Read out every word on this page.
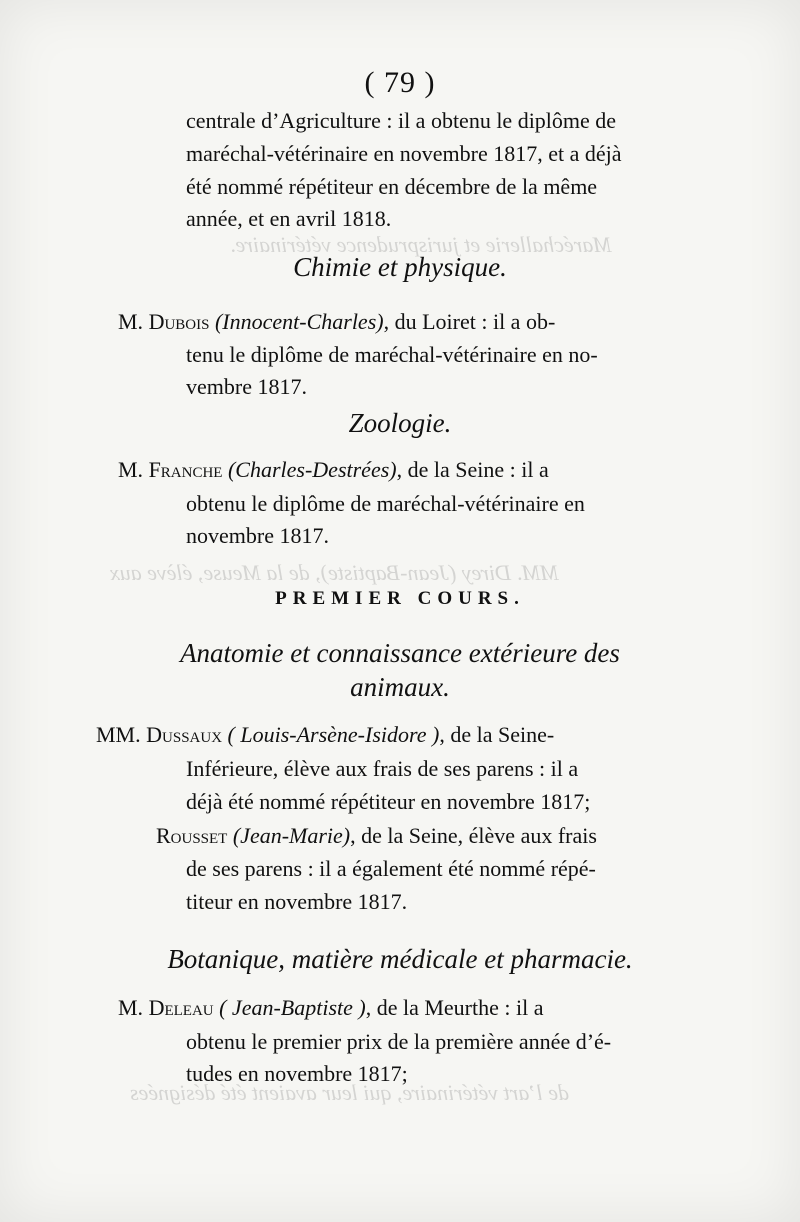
Maréchallerie et jurisprudence vétérinaire.
MM. Direy (Jean-Baptiste), de la Meuse, élève aux
de l’art vétérinaire, qui leur avaient été désignées
( 79 )
centrale d’Agriculture : il a obtenu le diplôme de
maréchal-vétérinaire en novembre 1817, et a déjà
été nommé répétiteur en décembre de la même
année, et en avril 1818.
Chimie et physique.
M. Dubois (Innocent-Charles), du Loiret : il a ob-
tenu le diplôme de maréchal-vétérinaire en no-
vembre 1817.
Zoologie.
M. Franche (Charles-Destrées), de la Seine : il a
obtenu le diplôme de maréchal-vétérinaire en
novembre 1817.
PREMIER COURS.
Anatomie et connaissance extérieure des
animaux.
MM. Dussaux ( Louis-Arsène-Isidore ), de la Seine-
Inférieure, élève aux frais de ses parens : il a
déjà été nommé répétiteur en novembre 1817;
Rousset (Jean-Marie), de la Seine, élève aux frais
de ses parens : il a également été nommé répé-
titeur en novembre 1817.
Botanique, matière médicale et pharmacie.
M. Deleau ( Jean-Baptiste ), de la Meurthe : il a
obtenu le premier prix de la première année d’é-
tudes en novembre 1817;
